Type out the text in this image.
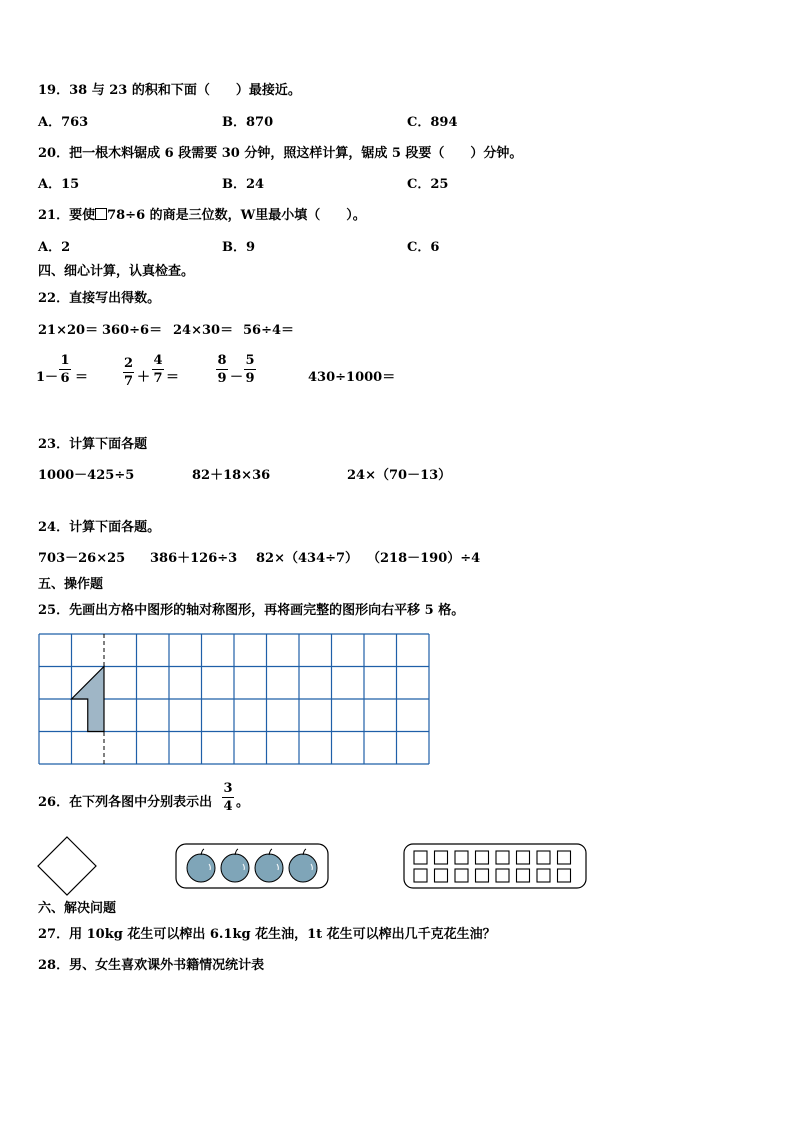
19．38 与 23 的积和下面（　　）最接近。
A．763	B．870	C．894
20．把一根木料锯成 6 段需要 30 分钟，照这样计算，锯成 5 段要（　　）分钟。
A．15	B．24	C．25
21．要使 78÷6 的商是三位数，W里最小填（　　）。
A．2	B．9	C．6
四、细心计算，认真检查。
22．直接写出得数。
21×20＝ 360÷6＝ 24×30＝ 56÷4＝
1－
1
6 ＝
2
7 ＋
4
7 ＝
8
9 －
5
9	430÷1000＝
23．计算下面各题
1000－425÷5	82＋18×36	24×（70－13）
24．计算下面各题。
703－26×25 386＋126÷3 82×（434÷7） （218－190）÷4
五、操作题
25．先画出方格中图形的轴对称图形，再将画完整的图形向右平移 5 格。
26．在下列各图中分别表示出
3
4 。
六、解决问题
27．用 10kg 花生可以榨出 6.1kg 花生油，1t 花生可以榨出几千克花生油？
28．男、女生喜欢课外书籍情况统计表
